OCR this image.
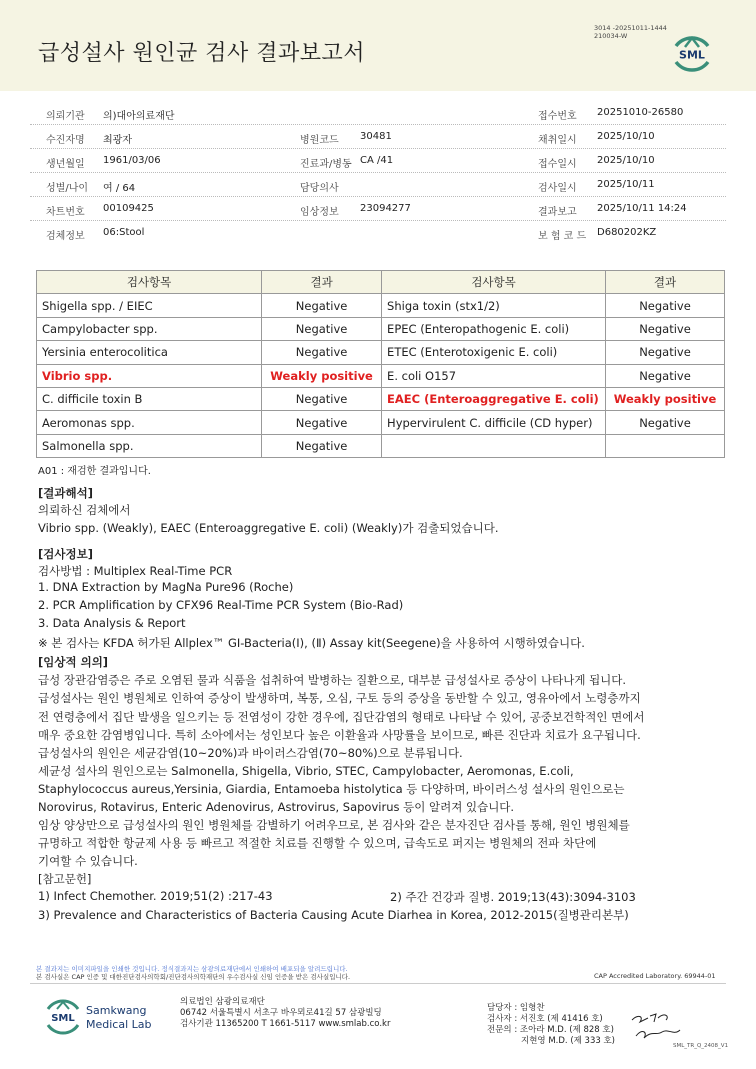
급성설사 원인균 검사 결과보고서
3014 -20251011-1444
210034-W
SML
의뢰기관 의)대아의료재단	접수번호 20251010-26580
수진자명 최광자	병원코드 30481	채취일시 2025/10/10
생년월일 1961/03/06	진료과/병동 CA /41	접수일시 2025/10/10
성별/나이 여 / 64	담당의사	검사일시 2025/10/11
차트번호 00109425	임상정보 23094277	결과보고 2025/10/11 14:24
검체정보 06:Stool	보 험 코 드 D680202KZ
검사항목	결과	검사항목	결과
Shigella spp. / EIEC	Negative	Shiga toxin (stx1/2)	Negative
Campylobacter spp.	Negative	EPEC (Enteropathogenic E. coli)	Negative
Yersinia enterocolitica	Negative	ETEC (Enterotoxigenic E. coli)	Negative
Vibrio spp.	Weakly positive	E. coli O157	Negative
C. difficile toxin B	Negative	EAEC (Enteroaggregative E. coli)	Weakly positive
Aeromonas spp.	Negative	Hypervirulent C. difficile (CD hyper)	Negative
Salmonella spp.	Negative		
A01 : 재검한 결과입니다.
[결과해석]
의뢰하신 검체에서
Vibrio spp. (Weakly), EAEC (Enteroaggregative E. coli) (Weakly)가 검출되었습니다.
[검사정보]
검사방법 : Multiplex Real-Time PCR
1. DNA Extraction by MagNa Pure96 (Roche)
2. PCR Amplification by CFX96 Real-Time PCR System (Bio-Rad)
3. Data Analysis & Report
※ 본 검사는 KFDA 허가된 Allplex™ GI-Bacteria(Ⅰ), (Ⅱ) Assay kit(Seegene)을 사용하여 시행하였습니다.
[임상적 의의]
급성 장관감염증은 주로 오염된 물과 식품을 섭취하여 발병하는 질환으로, 대부분 급성설사로 증상이 나타나게 됩니다.
급성설사는 원인 병원체로 인하여 증상이 발생하며, 복통, 오심, 구토 등의 증상을 동반할 수 있고, 영유아에서 노령층까지
전 연령층에서 집단 발생을 일으키는 등 전염성이 강한 경우에, 집단감염의 형태로 나타날 수 있어, 공중보건학적인 면에서
매우 중요한 감염병입니다. 특히 소아에서는 성인보다 높은 이환율과 사망률을 보이므로, 빠른 진단과 치료가 요구됩니다.
급성설사의 원인은 세균감염(10~20%)과 바이러스감염(70~80%)으로 분류됩니다.
세균성 설사의 원인으로는 Salmonella, Shigella, Vibrio, STEC, Campylobacter, Aeromonas, E.coli,
Staphylococcus aureus,Yersinia, Giardia, Entamoeba histolytica 등 다양하며, 바이러스성 설사의 원인으로는
Norovirus, Rotavirus, Enteric Adenovirus, Astrovirus, Sapovirus 등이 알려져 있습니다.
임상 양상만으로 급성설사의 원인 병원체를 감별하기 어려우므로, 본 검사와 같은 분자진단 검사를 통해, 원인 병원체를
규명하고 적합한 항균제 사용 등 빠르고 적절한 치료를 진행할 수 있으며, 급속도로 퍼지는 병원체의 전파 차단에
기여할 수 있습니다.
[참고문헌]
1) Infect Chemother. 2019;51(2) :217-43	2) 주간 건강과 질병. 2019;13(43):3094-3103
3) Prevalence and Characteristics of Bacteria Causing Acute Diarhea in Korea, 2012-2015(질병관리본부)
본 결과지는 이미지파일을 인쇄한 것입니다. 정식결과지는 삼광의료재단에서 인쇄하여 배포되을 알려드립니다.
본 검사실은 CAP 인증 및 대한진단검사의학회/진단검사의학재단의 우수검사실 신임 인증을 받은 검사실입니다.	CAP Accredited Laboratory. 69944-01
SML
Samkwang
Medical Lab
의료법인 삼광의료재단
06742 서울특별시 서초구 바우뫼로41길 57 삼광빌딩
검사기관 11365200 T 1661-5117 www.smlab.co.kr
담당자 : 임형찬
검사자 : 서진호 (제 41416 호)
전문의 : 조아라 M.D. (제 828 호)
지현영 M.D. (제 333 호)	SML_TR_Q_2408_V1
